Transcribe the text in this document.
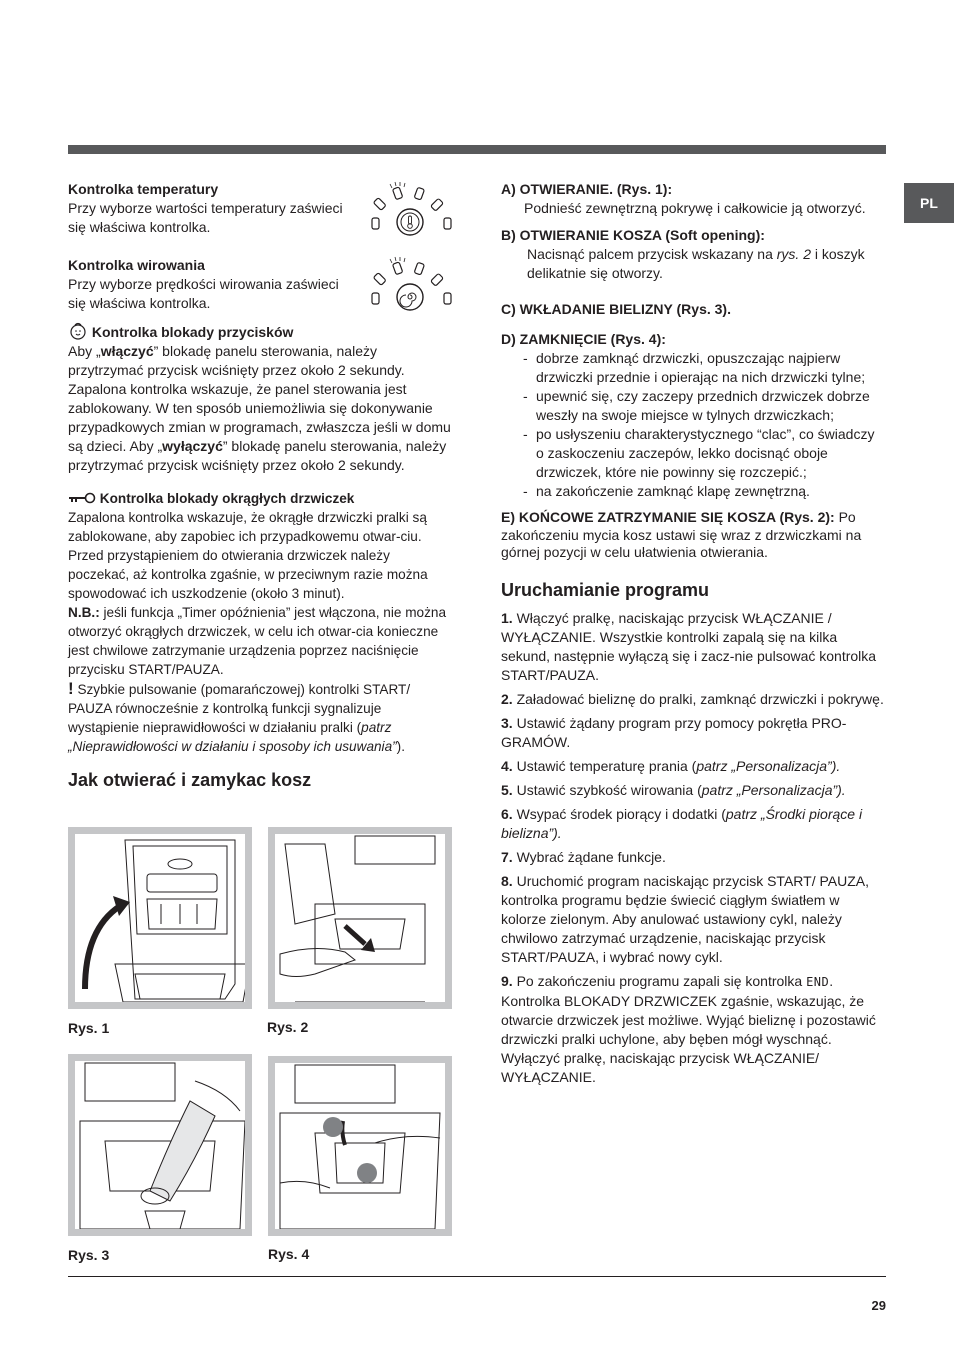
PL

Kontrolka temperatury

Przy wyborze wartości temperatury zaświeci się właściwa kontrolka.

Kontrolka wirowania

Przy wyborze prędkości wirowania zaświeci się właściwa kontrolka.

Kontrolka blokady przycisków

Aby „włączyć” blokadę panelu sterowania, należy przytrzymać przycisk wciśnięty przez około 2 sekundy. Zapalona kontrolka wskazuje, że panel sterowania jest zablokowany. W ten sposób uniemożliwia się dokonywanie przypadkowych zmian w programach, zwłaszcza jeśli w domu są dzieci. Aby „wyłączyć” blokadę panelu sterowania, należy przytrzymać przycisk wciśnięty przez około 2 sekundy.

Kontrolka blokady okrągłych drzwiczek

Zapalona kontrolka wskazuje, że okrągłe drzwiczki pralki są zablokowane, aby zapobiec ich przypadkowemu otwar-ciu. Przed przystąpieniem do otwierania drzwiczek należy poczekać, aż kontrolka zgaśnie, w przeciwnym razie można spowodować ich uszkodzenie (około 3 minut).

N.B.: jeśli funkcja „Timer opóźnienia” jest włączona, nie można otworzyć okrągłych drzwiczek, w celu ich otwar-cia konieczne jest chwilowe zatrzymanie urządzenia poprzez naciśnięcie przycisku START/PAUZA.

! Szybkie pulsowanie (pomarańczowej) kontrolki START/ PAUZA równocześnie z kontrolką funkcji sygnalizuje wystąpienie nieprawidłowości w działaniu pralki (patrz „Nieprawidłowości w działaniu i sposoby ich usuwania”).

Jak otwierać i zamykac kosz

Rys. 1	Rys. 2
Rys. 3	Rys. 4

A) OTWIERANIE. (Rys. 1):

Podnieść zewnętrzną pokrywę i całkowicie ją otworzyć.

B) OTWIERANIE KOSZA (Soft opening):

Nacisnąć palcem przycisk wskazany na rys. 2 i koszyk delikatnie się otworzy.

C) WKŁADANIE BIELIZNY (Rys. 3).

D) ZAMKNIĘCIE (Rys. 4):

- dobrze zamknąć drzwiczki, opuszczając najpierw drzwiczki przednie i opierając na nich drzwiczki tylne;
- upewnić się, czy zaczepy przednich drzwiczek dobrze weszły na swoje miejsce w tylnych drzwiczkach;
- po usłyszeniu charakterystycznego “clac”, co świadczy o zaskoczeniu zaczepów, lekko docisnąć oboje drzwiczek, które nie powinny się rozczepić.;
- na zakończenie zamknąć klapę zewnętrzną.

E) KOŃCOWE ZATRZYMANIE SIĘ KOSZA (Rys. 2): Po zakończeniu mycia kosz ustawi się wraz z drzwiczkami na górnej pozycji w celu ułatwienia otwierania.

Uruchamianie programu

1. Włączyć pralkę, naciskając przycisk WŁĄCZANIE / WYŁĄCZANIE. Wszystkie kontrolki zapalą się na kilka sekund, następnie wyłączą się i zacz-nie pulsować kontrolka START/PAUZA.

2. Załadować bieliznę do pralki, zamknąć drzwiczki i pokrywę.

3. Ustawić żądany program przy pomocy pokrętła PRO-GRAMÓW.

4. Ustawić temperaturę prania (patrz „Personalizacja”).

5. Ustawić szybkość wirowania (patrz „Personalizacja”).

6. Wsypać środek piorący i dodatki (patrz „Środki piorące i bielizna”).

7. Wybrać żądane funkcje.

8. Uruchomić program naciskając przycisk START/ PAUZA, kontrolka programu będzie świecić ciągłym światłem w kolorze zielonym. Aby anulować ustawiony cykl, należy chwilowo zatrzymać urządzenie, naciskając przycisk START/PAUZA, i wybrać nowy cykl.

9. Po zakończeniu programu zapali się kontrolka END. Kontrolka BLOKADY DRZWICZEK zgaśnie, wskazując, że otwarcie drzwiczek jest możliwe. Wyjąć bieliznę i pozostawić drzwiczki pralki uchylone, aby bęben mógł wyschnąć.

Wyłączyć pralkę, naciskając przycisk WŁĄCZANIE/ WYŁĄCZANIE.

29
